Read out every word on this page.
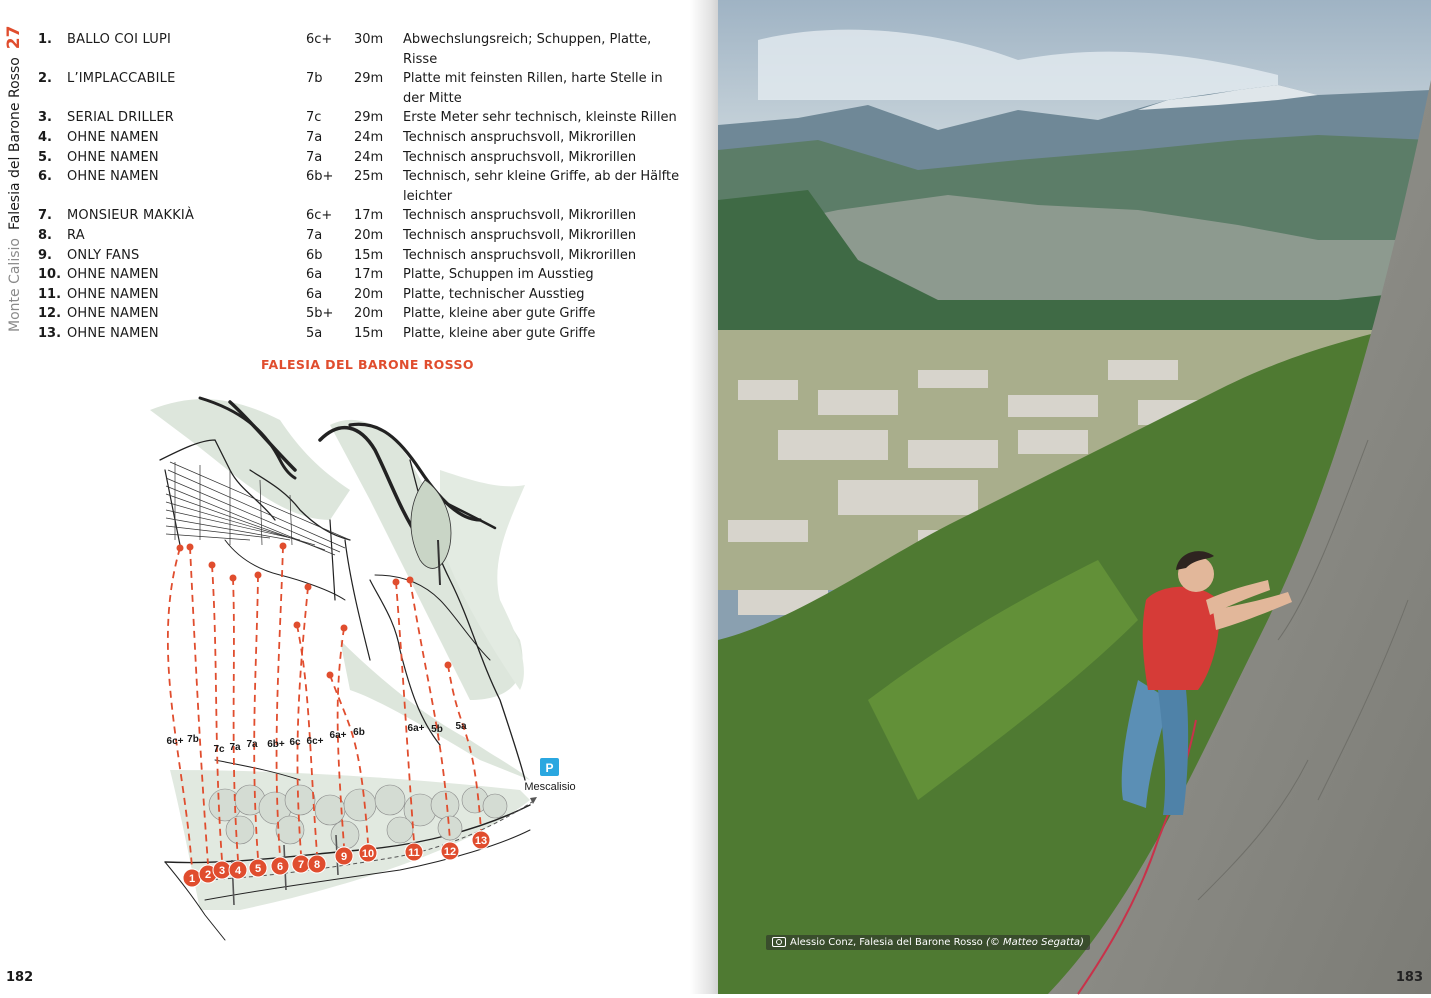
Monte CalisioFalesia del Barone Rosso27 1.	BALLO COI LUPI	6c+	30m	Abwechslungsreich; Schuppen, Platte, Risse
2.	L’IMPLACCABILE	7b	29m	Platte mit feinsten Rillen, harte Stelle in der Mitte
3.	SERIAL DRILLER	7c	29m	Erste Meter sehr technisch, kleinste Rillen
4.	OHNE NAMEN	7a	24m	Technisch anspruchsvoll, Mikrorillen
5.	OHNE NAMEN	7a	24m	Technisch anspruchsvoll, Mikrorillen
6.	OHNE NAMEN	6b+	25m	Technisch, sehr kleine Griffe, ab der Hälfte leichter
7.	MONSIEUR MAKKIÀ	6c+	17m	Technisch anspruchsvoll, Mikrorillen
8.	RA	7a	20m	Technisch anspruchsvoll, Mikrorillen
9.	ONLY FANS	6b	15m	Technisch anspruchsvoll, Mikrorillen
10.	OHNE NAMEN	6a	17m	Platte, Schuppen im Ausstieg
11.	OHNE NAMEN	6a	20m	Platte, technischer Ausstieg
12.	OHNE NAMEN	5b+	20m	Platte, kleine aber gute Griffe
13.	OHNE NAMEN	5a	15m	Platte, kleine aber gute Griffe
FALESIA DEL BARONE ROSSO
6c+
1
7b
2
7c
3
7a
4
7a
5
6b+
6
6c
7
6c+
8
6a+
9
6b
10
6a+
11
5b
12
5a
13
P
Mescalisio
182	183
Alessio Conz, Falesia del Barone Rosso (© Matteo Segatta)
